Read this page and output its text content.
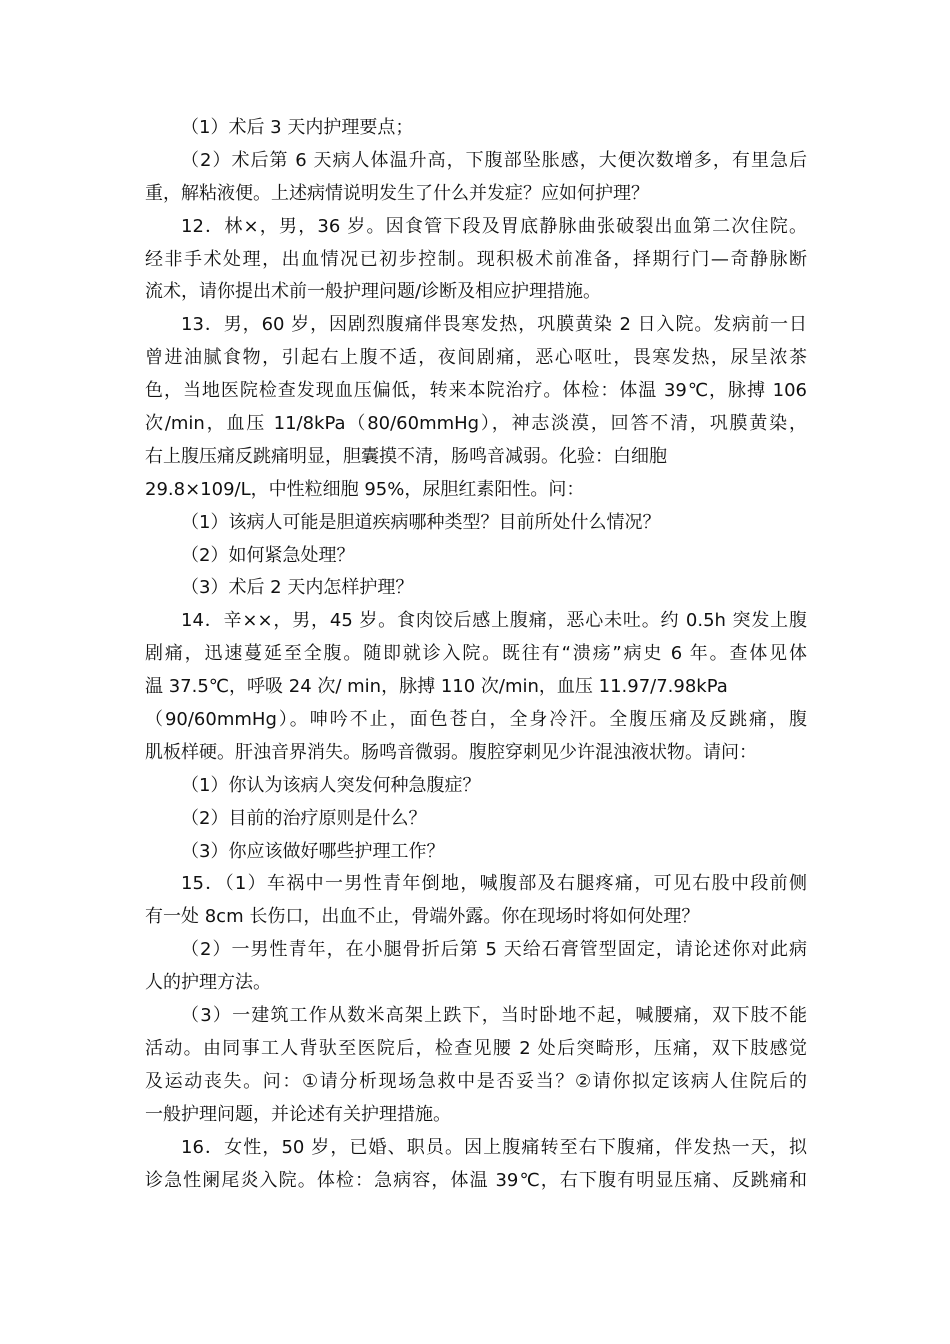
（1）术后 3 天内护理要点；
（2）术后第 6 天病人体温升高，下腹部坠胀感，大便次数增多，有里急后
重，解粘液便。上述病情说明发生了什么并发症？应如何护理？
12．林×，男，36 岁。因食管下段及胃底静脉曲张破裂出血第二次住院。
经非手术处理，出血情况已初步控制。现积极术前准备，择期行门—奇静脉断
流术，请你提出术前一般护理问题/诊断及相应护理措施。
13．男，60 岁，因剧烈腹痛伴畏寒发热，巩膜黄染 2 日入院。发病前一日
曾进油腻食物，引起右上腹不适，夜间剧痛，恶心呕吐，畏寒发热，尿呈浓茶
色，当地医院检查发现血压偏低，转来本院治疗。体检：体温 39℃，脉搏 106
次/min，血压 11/8kPa（80/60mmHg），神志淡漠，回答不清，巩膜黄染，
右上腹压痛反跳痛明显，胆囊摸不清，肠鸣音减弱。化验：白细胞
29.8×109/L，中性粒细胞 95%，尿胆红素阳性。问：
（1）该病人可能是胆道疾病哪种类型？目前所处什么情况？
（2）如何紧急处理？
（3）术后 2 天内怎样护理？
14．辛××，男，45 岁。食肉饺后感上腹痛，恶心未吐。约 0.5h 突发上腹
剧痛，迅速蔓延至全腹。随即就诊入院。既往有“溃疡”病史 6 年。查体见体
温 37.5℃，呼吸 24 次/ min，脉搏 110 次/min，血压 11.97/7.98kPa
（90/60mmHg）。呻吟不止，面色苍白，全身冷汗。全腹压痛及反跳痛，腹
肌板样硬。肝浊音界消失。肠鸣音微弱。腹腔穿刺见少许混浊液状物。请问：
（1）你认为该病人突发何种急腹症？
（2）目前的治疗原则是什么？
（3）你应该做好哪些护理工作？
15．（1）车祸中一男性青年倒地，喊腹部及右腿疼痛，可见右股中段前侧
有一处 8cm 长伤口，出血不止，骨端外露。你在现场时将如何处理？
（2）一男性青年，在小腿骨折后第 5 天给石膏管型固定，请论述你对此病
人的护理方法。
（3）一建筑工作从数米高架上跌下，当时卧地不起，喊腰痛，双下肢不能
活动。由同事工人背驮至医院后，检查见腰 2 处后突畸形，压痛，双下肢感觉
及运动丧失。问：①请分析现场急救中是否妥当？②请你拟定该病人住院后的
一般护理问题，并论述有关护理措施。
16．女性，50 岁，已婚、职员。因上腹痛转至右下腹痛，伴发热一天，拟
诊急性阑尾炎入院。体检：急病容，体温 39℃，右下腹有明显压痛、反跳痛和
